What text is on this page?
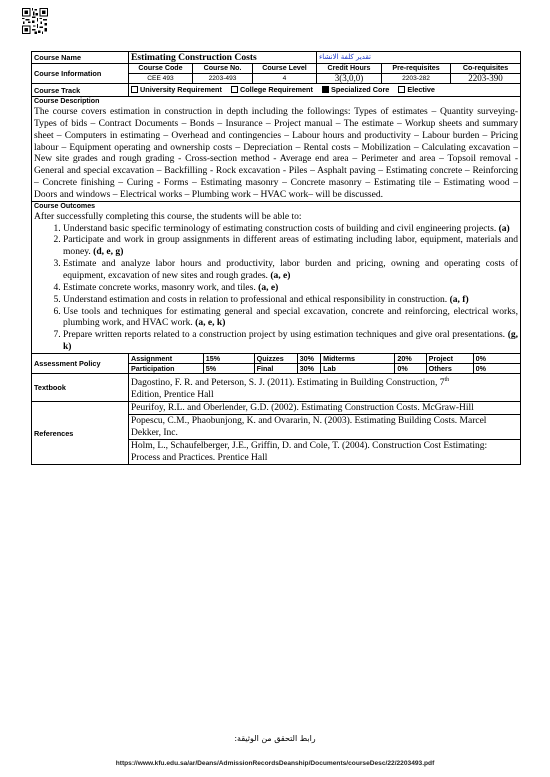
Course Name	Estimating Construction Costs	تقدير كلفة الانشاء
Course Information	Course Code	Course No.	Course Level	Credit Hours	Pre-requisites	Co-requisites
CEE 493	2203-493	4	3(3,0,0)	2203-282	2203-390
Course Track	University Requirement College Requirement Specialized Core Elective

Course Description
The course covers estimation in construction in depth including the followings: Types of estimates – Quantity surveying- Types of bids – Contract Documents – Bonds – Insurance – Project manual – The estimate – Workup sheets and summary sheet – Computers in estimating – Overhead and contingencies – Labour hours and productivity – Labour burden – Pricing labour – Equipment operating and ownership costs – Depreciation – Rental costs – Mobilization – Calculating excavation – New site grades and rough grading - Cross-section method - Average end area – Perimeter and area – Topsoil removal - General and special excavation – Backfilling - Rock excavation - Piles – Asphalt paving – Estimating concrete – Reinforcing – Concrete finishing – Curing - Forms – Estimating masonry – Concrete masonry – Estimating tile – Estimating wood – Doors and windows – Electrical works – Plumbing work – HVAC work– will be discussed.

Course Outcomes
After successfully completing this course, the students will be able to:
1. Understand basic specific terminology of estimating construction costs of building and civil engineering projects. (a)
2. Participate and work in group assignments in different areas of estimating including labor, equipment, materials and money. (d, e, g)
3. Estimate and analyze labor hours and productivity, labor burden and pricing, owning and operating costs of equipment, excavation of new sites and rough grades. (a, e)
4. Estimate concrete works, masonry work, and tiles. (a, e)
5. Understand estimation and costs in relation to professional and ethical responsibility in construction. (a, f)
6. Use tools and techniques for estimating general and special excavation, concrete and reinforcing, electrical works, plumbing work, and HVAC work. (a, e, k)
7. Prepare written reports related to a construction project by using estimation techniques and give oral presentations. (g, k)

Assessment Policy	
Assignment	15%	Quizzes	30%	Midterms	20%	Project	0%
Participation	5%	Final	30%	Lab	0%	Others	0%

Textbook	Dagostino, F. R. and Peterson, S. J. (2011). Estimating in Building Construction, 7th
Edition, Prentice Hall
References	
Peurifoy, R.L. and Oberlender, G.D. (2002). Estimating Construction Costs. McGraw-Hill
Popescu, C.M., Phaobunjong, K. and Ovararin, N. (2003). Estimating Building Costs. Marcel Dekker, Inc.
Holm, L., Schaufelberger, J.E., Griffin, D. and Cole, T. (2004). Construction Cost Estimating: Process and Practices. Prentice Hall
رابط التحقق من الوثيقة:
https://www.kfu.edu.sa/ar/Deans/AdmissionRecordsDeanship/Documents/courseDesc/22/2203493.pdf
